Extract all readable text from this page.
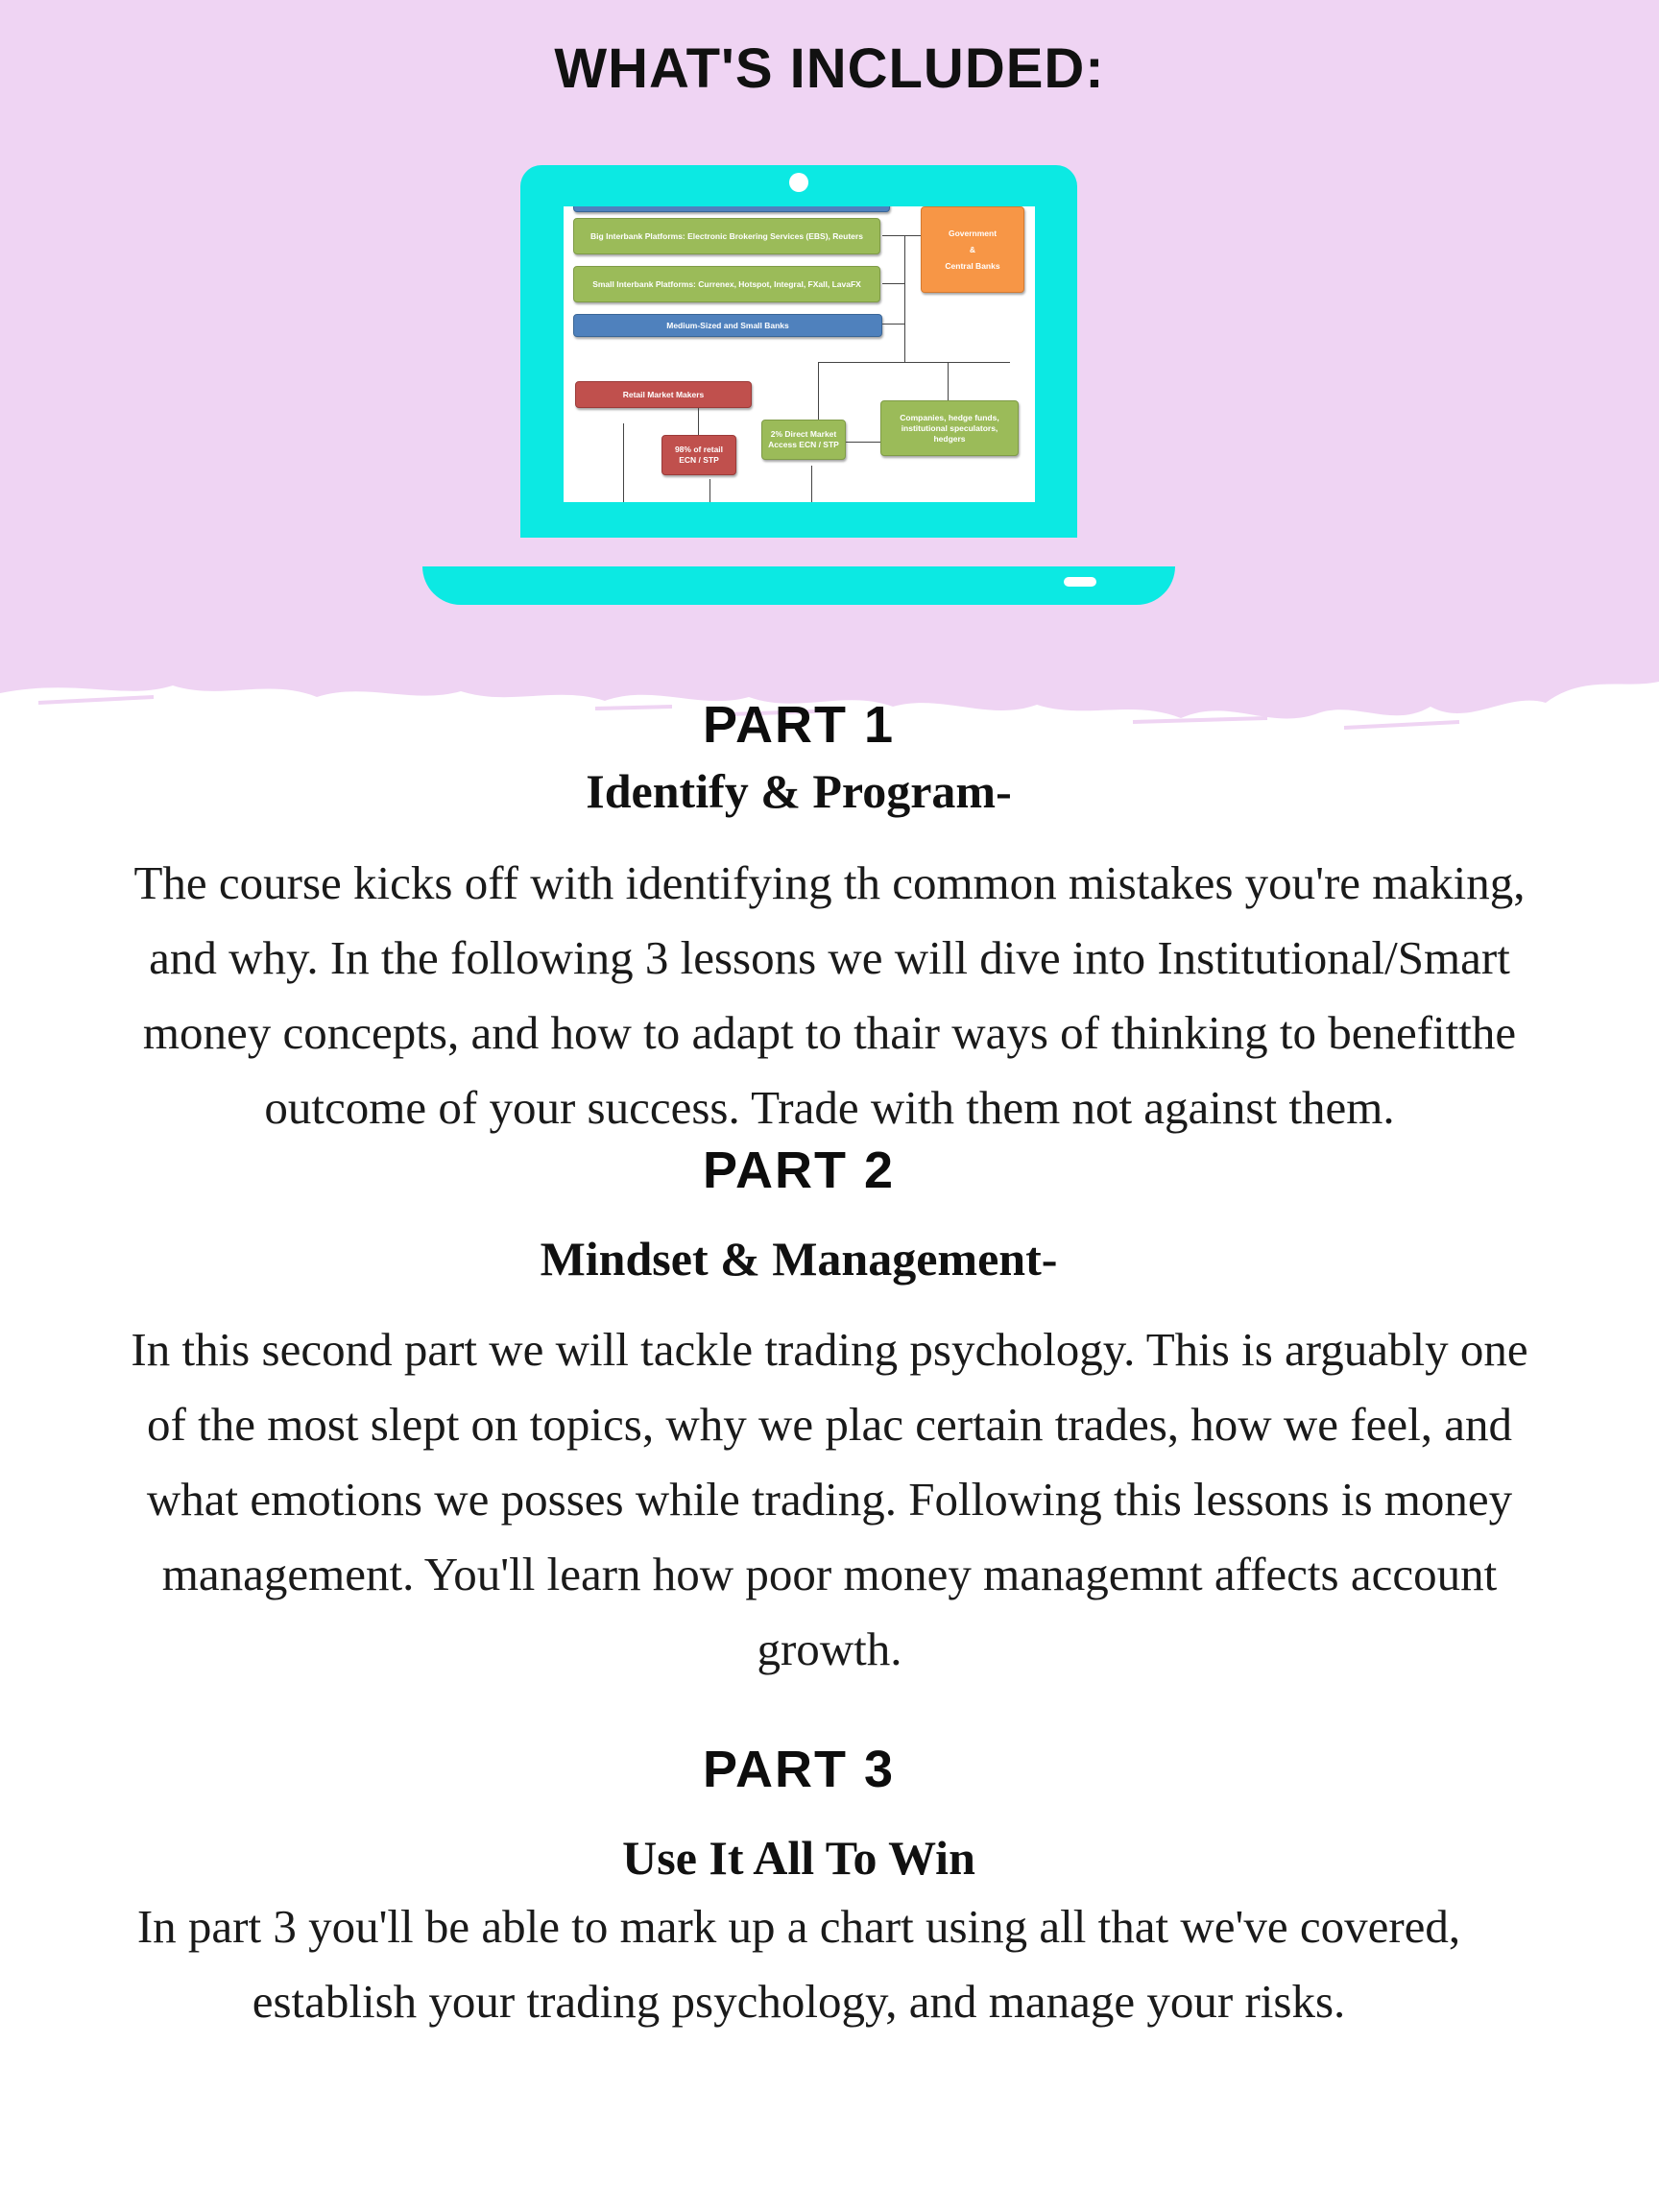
WHAT'S INCLUDED:
Big Interbank Platforms: Electronic Brokering Services (EBS), Reuters
Small Interbank Platforms: Currenex, Hotspot, Integral, FXall, LavaFX
Medium-Sized and Small Banks
Government
&
Central Banks
Retail Market Makers
98% of retail ECN / STP
2% Direct Market Access ECN / STP
Companies, hedge funds, institutional speculators, hedgers
PART 1
Identify & Program-
The course kicks off with identifying th common mistakes you're making,
and why. In the following 3 lessons we will dive into Institutional/Smart
money concepts, and how to adapt to thair ways of thinking to benefitthe
outcome of your success. Trade with them not against them.
PART 2
Mindset & Management-
In this second part we will tackle trading psychology. This is arguably one
of the most slept on topics, why we plac certain trades, how we feel, and
what emotions we posses while trading. Following this lessons is money
management. You'll learn how poor money managemnt affects account
growth.
PART 3
Use It All To Win
In part 3 you'll be able to mark up a chart using all that we've covered,
establish your trading psychology, and manage your risks.
